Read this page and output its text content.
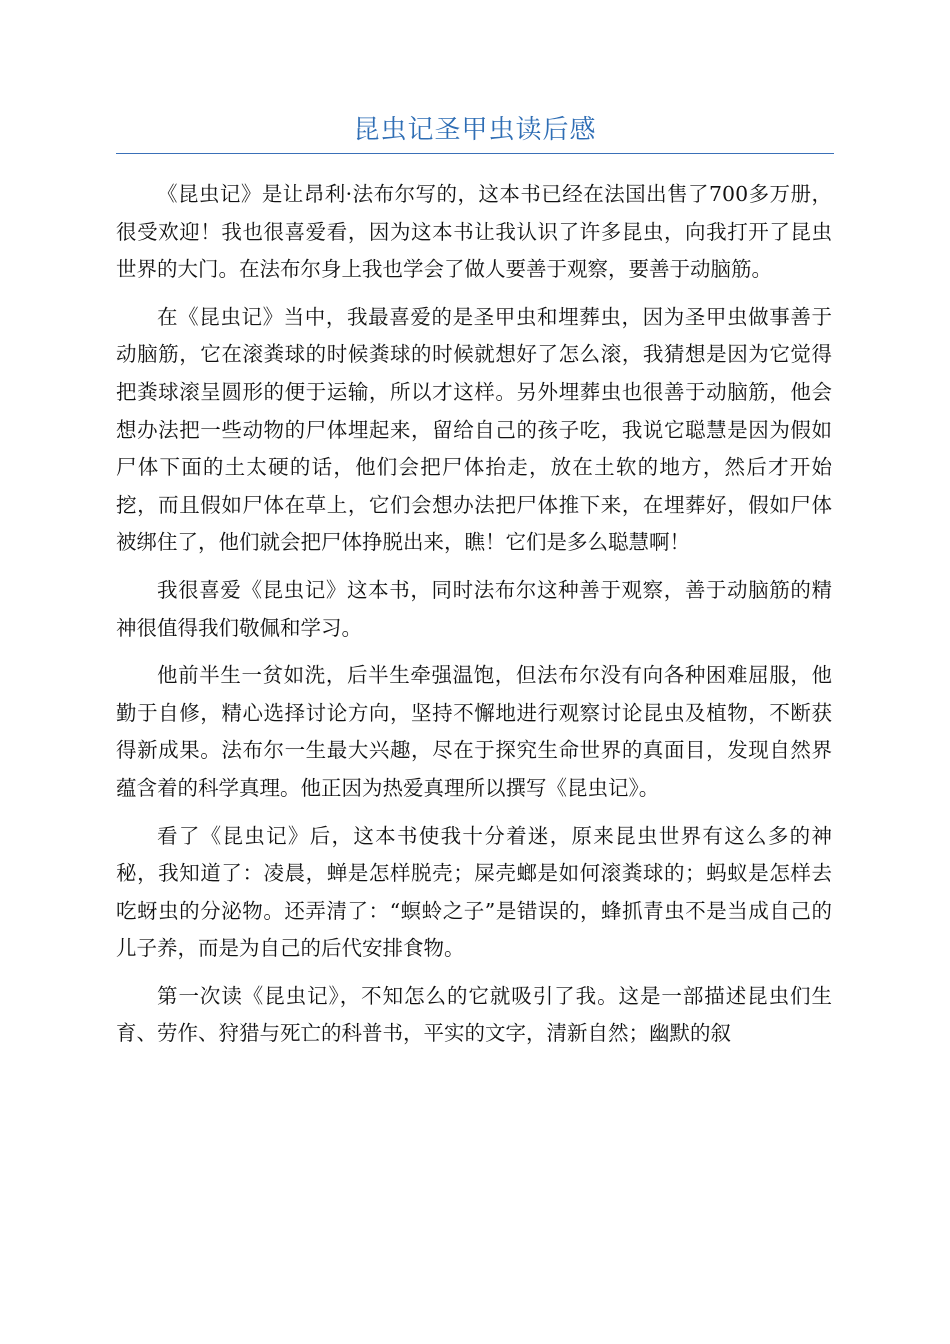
昆虫记圣甲虫读后感

《昆虫记》是让昂利·法布尔写的，这本书已经在法国出售了700多万册，很受欢迎！我也很喜爱看，因为这本书让我认识了许多昆虫，向我打开了昆虫世界的大门。在法布尔身上我也学会了做人要善于观察，要善于动脑筋。

在《昆虫记》当中，我最喜爱的是圣甲虫和埋葬虫，因为圣甲虫做事善于动脑筋，它在滚粪球的时候粪球的时候就想好了怎么滚，我猜想是因为它觉得把粪球滚呈圆形的便于运输，所以才这样。另外埋葬虫也很善于动脑筋，他会想办法把一些动物的尸体埋起来，留给自己的孩子吃，我说它聪慧是因为假如尸体下面的土太硬的话，他们会把尸体抬走，放在土软的地方，然后才开始挖，而且假如尸体在草上，它们会想办法把尸体推下来，在埋葬好，假如尸体被绑住了，他们就会把尸体挣脱出来，瞧！它们是多么聪慧啊！

我很喜爱《昆虫记》这本书，同时法布尔这种善于观察，善于动脑筋的精神很值得我们敬佩和学习。

他前半生一贫如洗，后半生牵强温饱，但法布尔没有向各种困难屈服，他勤于自修，精心选择讨论方向，坚持不懈地进行观察讨论昆虫及植物，不断获得新成果。法布尔一生最大兴趣，尽在于探究生命世界的真面目，发现自然界蕴含着的科学真理。他正因为热爱真理所以撰写《昆虫记》。

看了《昆虫记》后，这本书使我十分着迷，原来昆虫世界有这么多的神秘，我知道了：凌晨，蝉是怎样脱壳；屎壳螂是如何滚粪球的；蚂蚁是怎样去吃蚜虫的分泌物。还弄清了：“螟蛉之子”是错误的，蜂抓青虫不是当成自己的儿子养，而是为自己的后代安排食物。

第一次读《昆虫记》，不知怎么的它就吸引了我。这是一部描述昆虫们生育、劳作、狩猎与死亡的科普书，平实的文字，清新自然；幽默的叙
